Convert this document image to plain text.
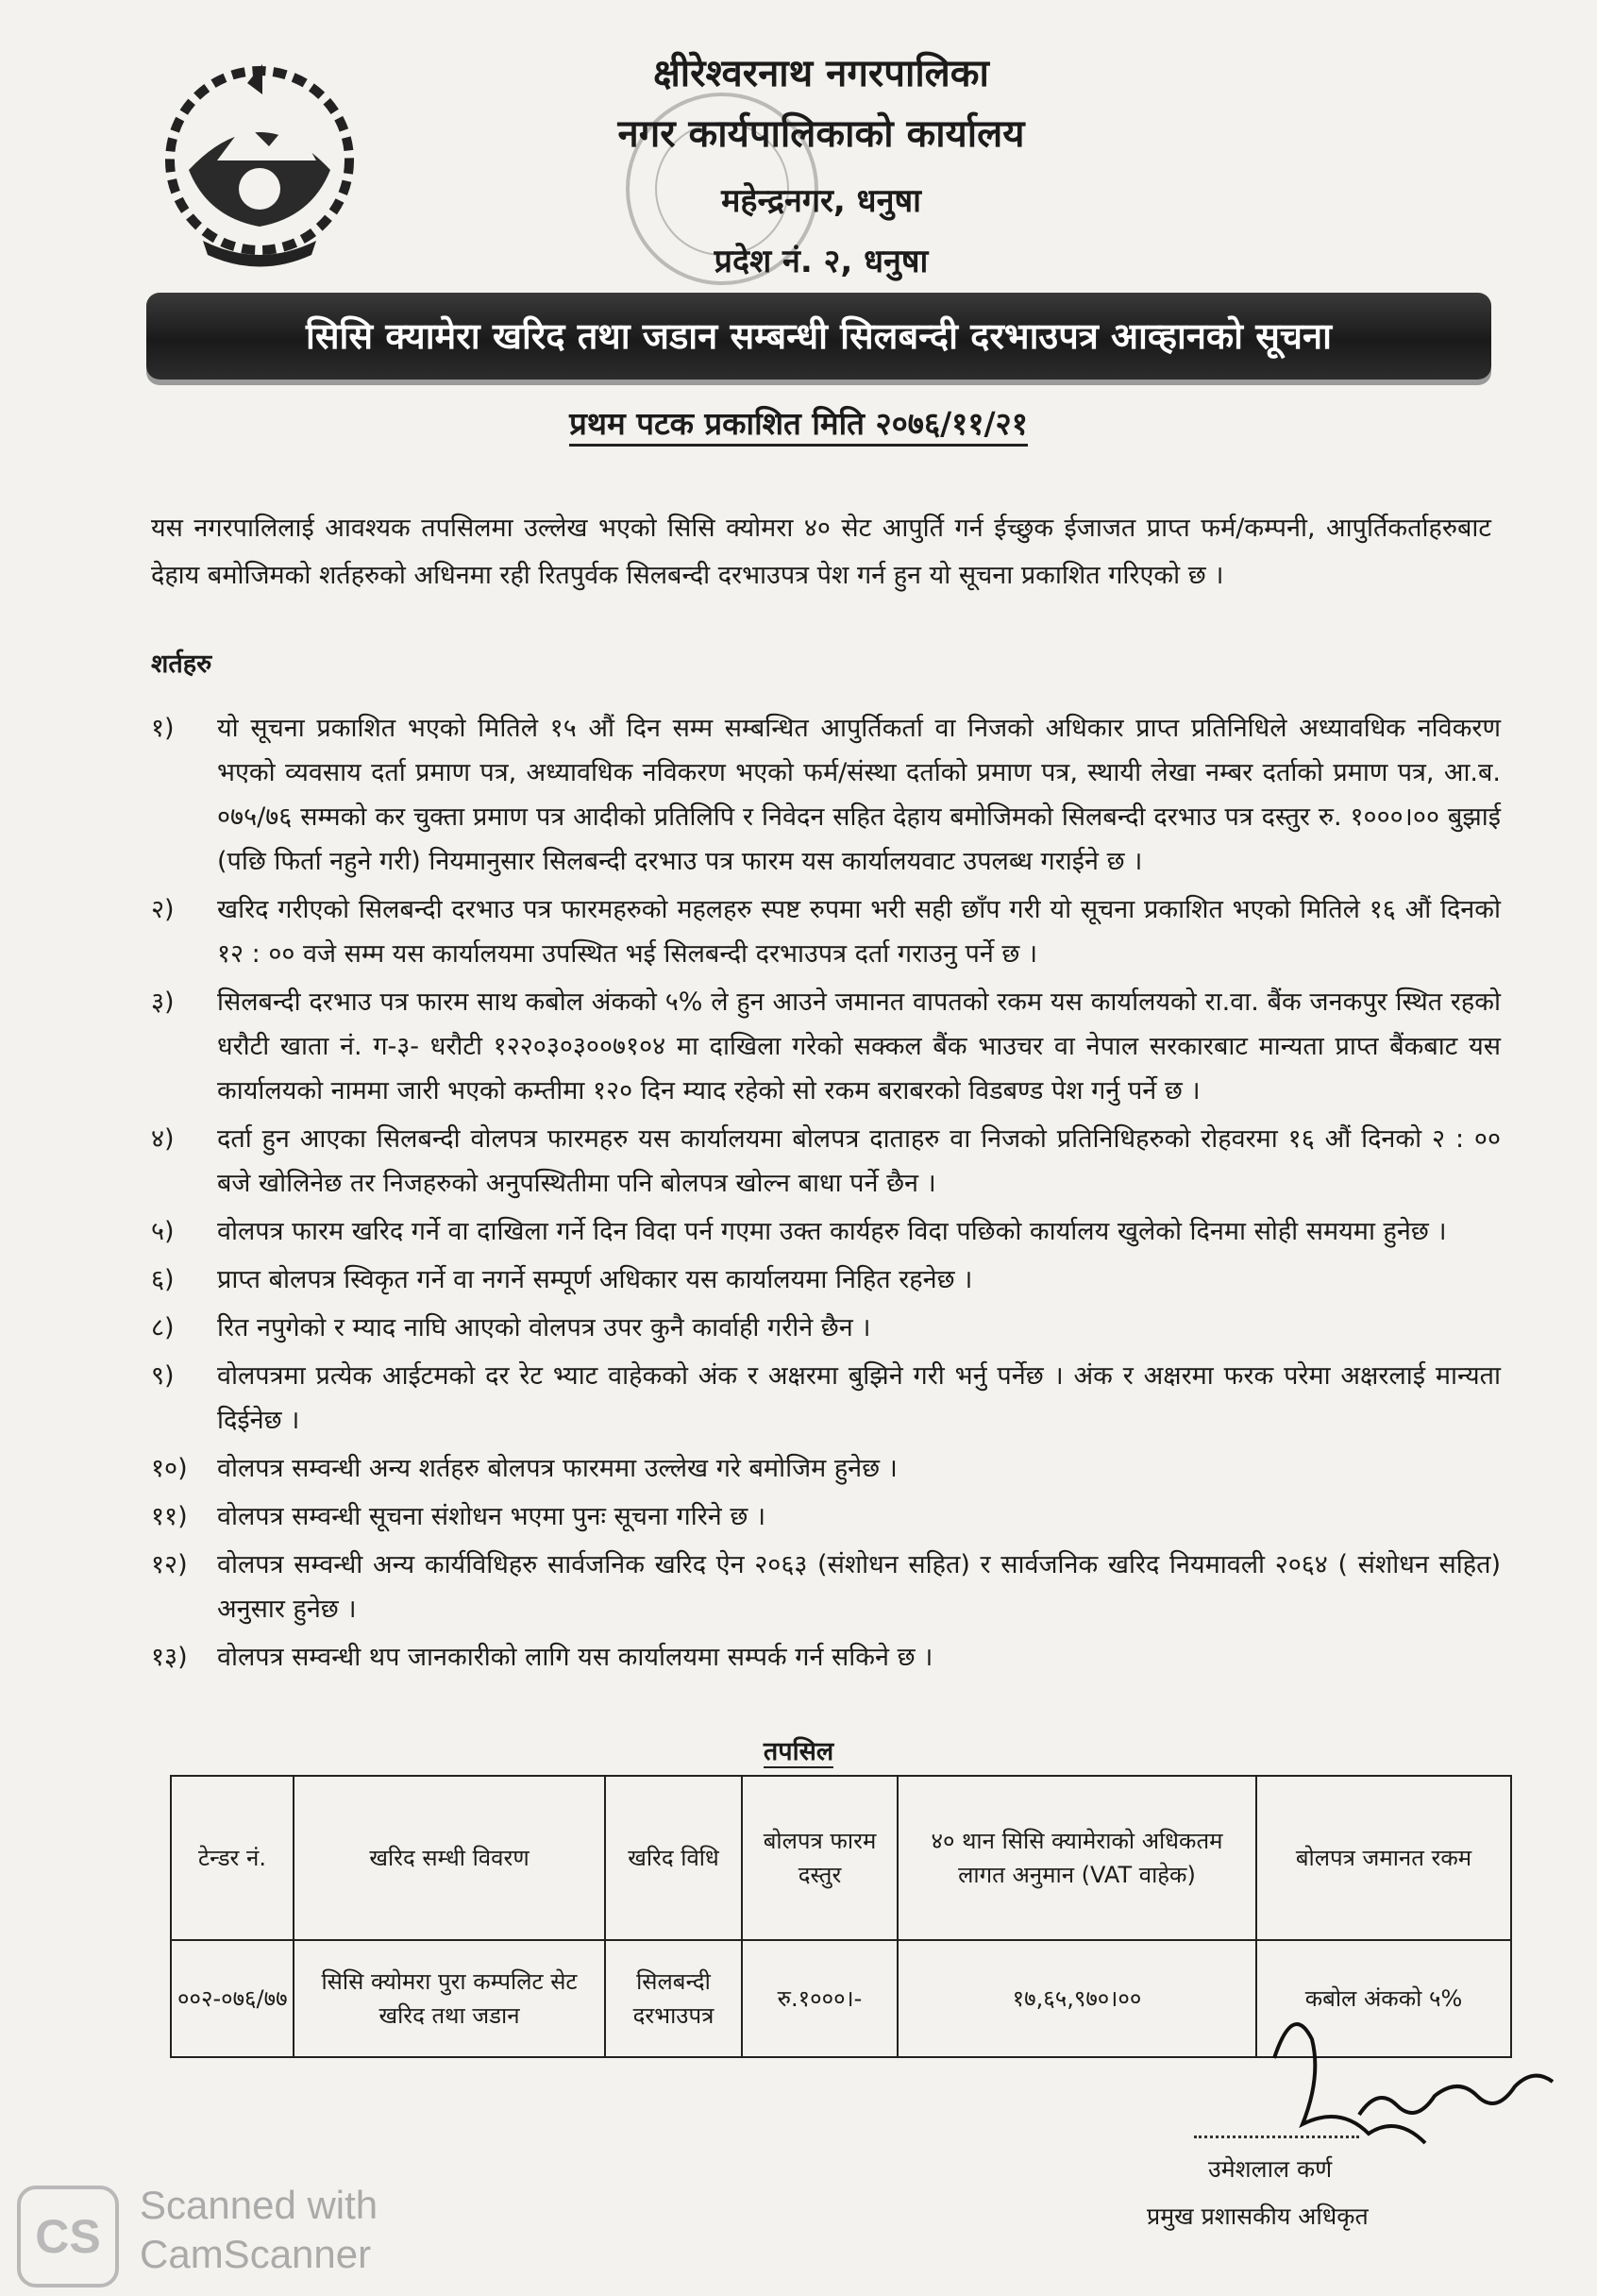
क्षीरेश्वरनाथ नगरपालिका
नगर कार्यपालिकाको कार्यालय
महेन्द्रनगर, धनुषा
प्रदेश नं. २, धनुषा
सिसि क्यामेरा खरिद तथा जडान सम्बन्धी सिलबन्दी दरभाउपत्र आव्हानको सूचना
प्रथम पटक प्रकाशित मिति २०७६/११/२१
यस नगरपालिलाई आवश्यक तपसिलमा उल्लेख भएको सिसि क्योमरा ४० सेट आपुर्ति गर्न ईच्छुक ईजाजत प्राप्त फर्म/कम्पनी, आपुर्तिकर्ताहरुबाट देहाय बमोजिमको शर्तहरुको अधिनमा रही रितपुर्वक सिलबन्दी दरभाउपत्र पेश गर्न हुन यो सूचना प्रकाशित गरिएको छ ।
शर्तहरु
१)	यो सूचना प्रकाशित भएको मितिले १५ औं दिन सम्म सम्बन्धित आपुर्तिकर्ता वा निजको अधिकार प्राप्त प्रतिनिधिले अध्यावधिक नविकरण भएको व्यवसाय दर्ता प्रमाण पत्र, अध्यावधिक नविकरण भएको फर्म/संस्था दर्ताको प्रमाण पत्र, स्थायी लेखा नम्बर दर्ताको प्रमाण पत्र, आ.ब. ०७५/७६ सम्मको कर चुक्ता प्रमाण पत्र आदीको प्रतिलिपि र निवेदन सहित देहाय बमोजिमको सिलबन्दी दरभाउ पत्र दस्तुर रु. १०००।०० बुझाई (पछि फिर्ता नहुने गरी) नियमानुसार सिलबन्दी दरभाउ पत्र फारम यस कार्यालयवाट उपलब्ध गराईने छ ।
२)	खरिद गरीएको सिलबन्दी दरभाउ पत्र फारमहरुको महलहरु स्पष्ट रुपमा भरी सही छाँप गरी यो सूचना प्रकाशित भएको मितिले १६ औं दिनको १२ : ०० वजे सम्म यस कार्यालयमा उपस्थित भई सिलबन्दी दरभाउपत्र दर्ता गराउनु पर्ने छ ।
३)	सिलबन्दी दरभाउ पत्र फारम साथ कबोल अंकको ५% ले हुन आउने जमानत वापतको रकम यस कार्यालयको रा.वा. बैंक जनकपुर स्थित रहको धरौटी खाता नं. ग-३- धरौटी १२२०३०३००७१०४ मा दाखिला गरेको सक्कल बैंक भाउचर वा नेपाल सरकारबाट मान्यता प्राप्त बैंकबाट यस कार्यालयको नाममा जारी भएको कम्तीमा १२० दिन म्याद रहेको सो रकम बराबरको विडबण्ड पेश गर्नु पर्ने छ ।
४)	दर्ता हुन आएका सिलबन्दी वोलपत्र फारमहरु यस कार्यालयमा बोलपत्र दाताहरु वा निजको प्रतिनिधिहरुको रोहवरमा १६ औं दिनको २ : ०० बजे खोलिनेछ तर निजहरुको अनुपस्थितीमा पनि बोलपत्र खोल्न बाधा पर्ने छैन ।
५)	वोलपत्र फारम खरिद गर्ने वा दाखिला गर्ने दिन विदा पर्न गएमा उक्त कार्यहरु विदा पछिको कार्यालय खुलेको दिनमा सोही समयमा हुनेछ ।
६)	प्राप्त बोलपत्र स्विकृत गर्ने वा नगर्ने सम्पूर्ण अधिकार यस कार्यालयमा निहित रहनेछ ।
८)	रित नपुगेको र म्याद नाघि आएको वोलपत्र उपर कुनै कार्वाही गरीने छैन ।
९)	वोलपत्रमा प्रत्येक आईटमको दर रेट भ्याट वाहेकको अंक र अक्षरमा बुझिने गरी भर्नु पर्नेछ । अंक र अक्षरमा फरक परेमा अक्षरलाई मान्यता दिईनेछ ।
१०)	वोलपत्र सम्वन्धी अन्य शर्तहरु बोलपत्र फारममा उल्लेख गरे बमोजिम हुनेछ ।
११)	वोलपत्र सम्वन्धी सूचना संशोधन भएमा पुनः सूचना गरिने छ ।
१२)	वोलपत्र सम्वन्धी अन्य कार्यविधिहरु सार्वजनिक खरिद ऐन २०६३ (संशोधन सहित) र सार्वजनिक खरिद नियमावली २०६४ ( संशोधन सहित) अनुसार हुनेछ ।
१३)	वोलपत्र सम्वन्धी थप जानकारीको लागि यस कार्यालयमा सम्पर्क गर्न सकिने छ ।
तपसिल
टेन्डर नं.	खरिद सम्धी विवरण	खरिद विधि	बोलपत्र फारम दस्तुर	४० थान सिसि क्यामेराको अधिकतम लागत अनुमान (VAT वाहेक)	बोलपत्र जमानत रकम
००२-०७६/७७	सिसि क्योमरा पुरा कम्पलिट सेट खरिद तथा जडान	सिलबन्दी दरभाउपत्र	रु.१०००।-	१७,६५,९७०।००	कबोल अंकको ५%
उमेशलाल कर्ण
प्रमुख प्रशासकीय अधिकृत
CS
Scanned with
CamScanner
